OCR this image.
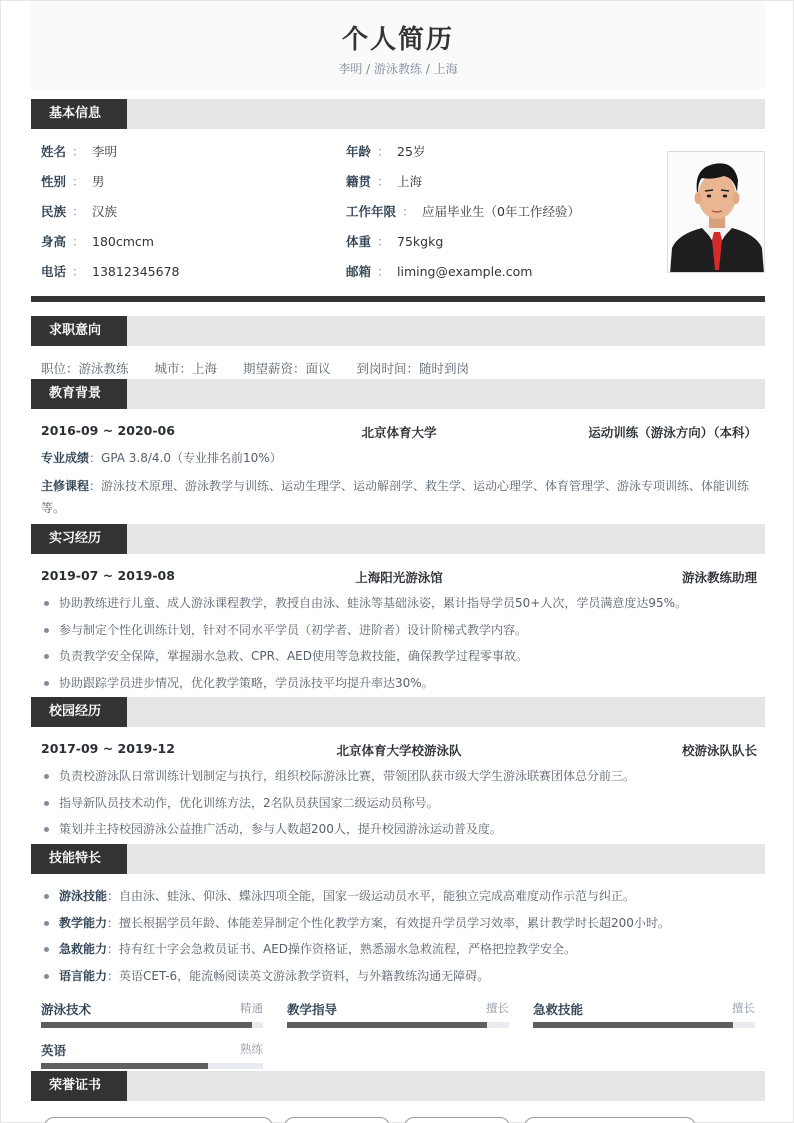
个人简历
李明 / 游泳教练 / 上海
基本信息
姓名 ： 李明
性别 ： 男
民族 ： 汉族
身高 ： 180cmcm
电话 ： 13812345678
年龄 ： 25岁
籍贯 ： 上海
工作年限 ： 应届毕业生（0年工作经验）
体重 ： 75kgkg
邮箱 ： liming@example.com
求职意向
职位：游泳教练 城市：上海 期望薪资：面议 到岗时间：随时到岗
教育背景
2016-09 ~ 2020-06	北京体育大学	运动训练（游泳方向）（本科）
专业成绩：GPA 3.8/4.0（专业排名前10%）
主修课程：游泳技术原理、游泳教学与训练、运动生理学、运动解剖学、救生学、运动心理学、体育管理学、游泳专项训练、体能训练等。
实习经历
2019-07 ~ 2019-08	上海阳光游泳馆	游泳教练助理
协助教练进行儿童、成人游泳课程教学，教授自由泳、蛙泳等基础泳姿，累计指导学员50+人次，学员满意度达95%。
参与制定个性化训练计划，针对不同水平学员（初学者、进阶者）设计阶梯式教学内容。
负责教学安全保障，掌握溺水急救、CPR、AED使用等急救技能，确保教学过程零事故。
协助跟踪学员进步情况，优化教学策略，学员泳技平均提升率达30%。
校园经历
2017-09 ~ 2019-12	北京体育大学校游泳队	校游泳队队长
负责校游泳队日常训练计划制定与执行，组织校际游泳比赛，带领团队获市级大学生游泳联赛团体总分前三。
指导新队员技术动作，优化训练方法，2名队员获国家二级运动员称号。
策划并主持校园游泳公益推广活动，参与人数超200人，提升校园游泳运动普及度。
技能特长
游泳技能：自由泳、蛙泳、仰泳、蝶泳四项全能，国家一级运动员水平，能独立完成高难度动作示范与纠正。
教学能力：擅长根据学员年龄、体能差异制定个性化教学方案，有效提升学员学习效率，累计教学时长超200小时。
急救能力：持有红十字会急救员证书、AED操作资格证，熟悉溺水急救流程，严格把控教学安全。
语言能力：英语CET-6，能流畅阅读英文游泳教学资料，与外籍教练沟通无障碍。
游泳技术	精通 教学指导	擅长 急救技能	擅长
英语	熟练
荣誉证书
